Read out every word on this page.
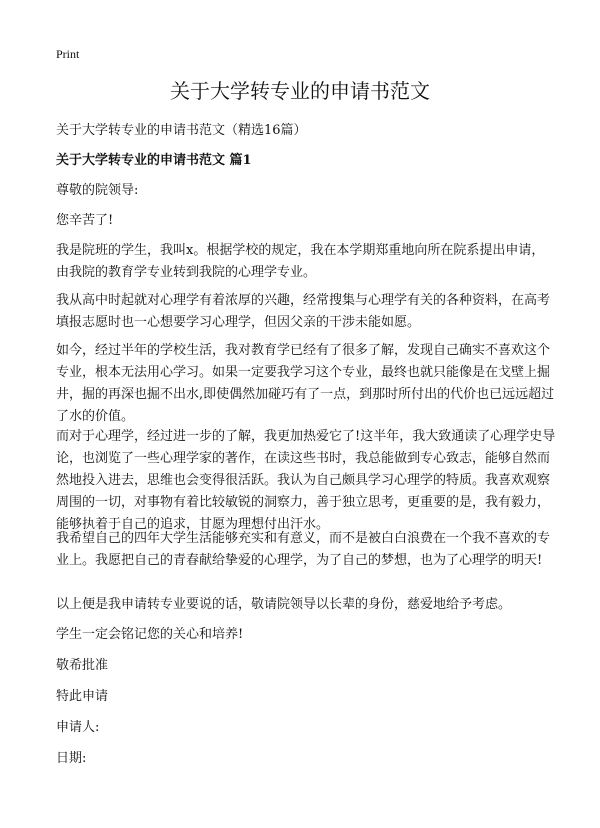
Print
关于大学转专业的申请书范文

关于大学转专业的申请书范文（精选16篇）

关于大学转专业的申请书范文 篇1

尊敬的院领导:

您辛苦了!

我是院班的学生，我叫x。根据学校的规定，我在本学期郑重地向所在院系提出申请，由我院的教育学专业转到我院的心理学专业。

我从高中时起就对心理学有着浓厚的兴趣，经常搜集与心理学有关的各种资料，在高考填报志愿时也一心想要学习心理学，但因父亲的干涉未能如愿。

如今，经过半年的学校生活，我对教育学已经有了很多了解，发现自己确实不喜欢这个专业，根本无法用心学习。如果一定要我学习这个专业，最终也就只能像是在戈壁上掘井，掘的再深也掘不出水,即使偶然加碰巧有了一点，到那时所付出的代价也已远远超过了水的价值。

而对于心理学，经过进一步的了解，我更加热爱它了!这半年，我大致通读了心理学史导论，也浏览了一些心理学家的著作，在读这些书时，我总能做到专心致志，能够自然而然地投入进去，思维也会变得很活跃。我认为自己颇具学习心理学的特质。我喜欢观察周围的一切，对事物有着比较敏锐的洞察力，善于独立思考，更重要的是，我有毅力，能够执着于自己的追求，甘愿为理想付出汗水。

我希望自己的四年大学生活能够充实和有意义，而不是被白白浪费在一个我不喜欢的专业上。我愿把自己的青春献给挚爱的心理学，为了自己的梦想，也为了心理学的明天!

以上便是我申请转专业要说的话，敬请院领导以长辈的身份，慈爱地给予考虑。

学生一定会铭记您的关心和培养!

敬希批准

特此申请

申请人:

日期:
